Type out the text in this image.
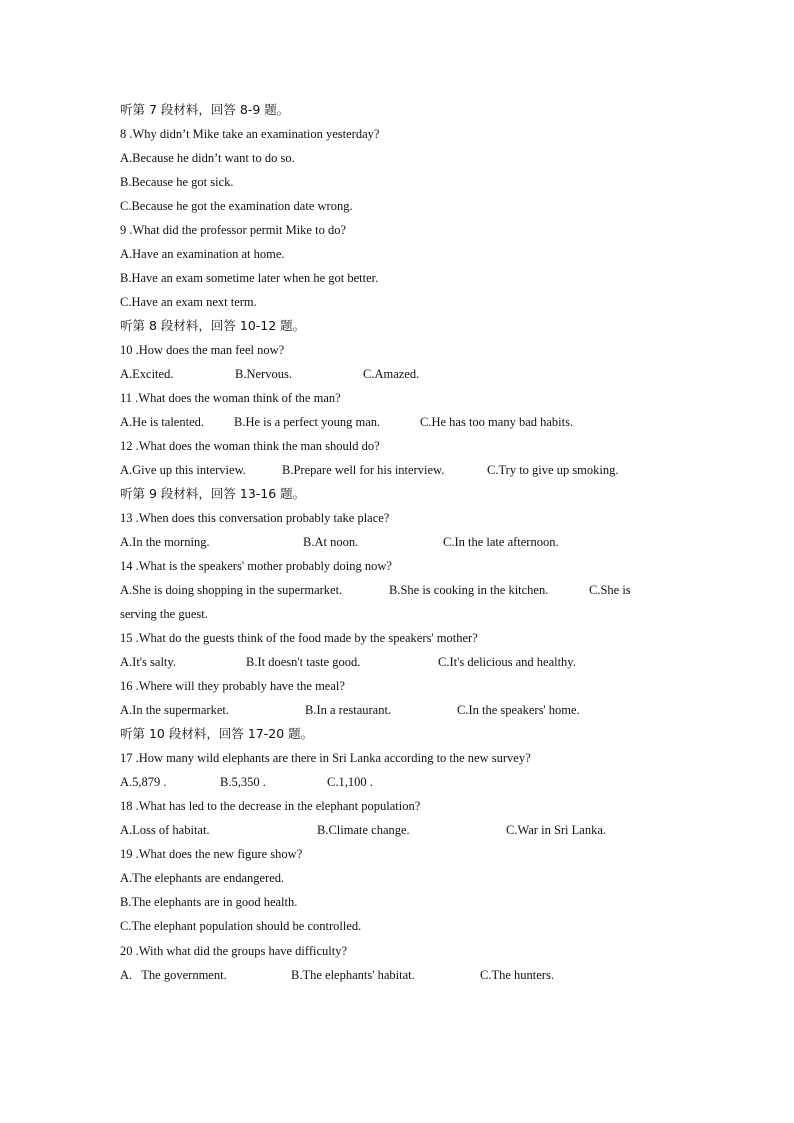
听第 7 段材料，回答 8-9 题。
8 .Why didn’t Mike take an examination yesterday?
A.Because he didn’t want to do so.
B.Because he got sick.
C.Because he got the examination date wrong.
9 .What did the professor permit Mike to do?
A.Have an examination at home.
B.Have an exam sometime later when he got better.
C.Have an exam next term.
听第 8 段材料，回答 10-12 题。
10 .How does the man feel now?
A.Excited.	B.Nervous.	C.Amazed.
11 .What does the woman think of the man?
A.He is talented. B.He is a perfect young man.	C.He has too many bad habits.
12 .What does the woman think the man should do?
A.Give up this interview.	B.Prepare well for his interview.	C.Try to give up smoking.
听第 9 段材料，回答 13-16 题。
13 .When does this conversation probably take place?
A.In the morning.	B.At noon.	C.In the late afternoon.
14 .What is the speakers' mother probably doing now?
A.She is doing shopping in the supermarket.	B.She is cooking in the kitchen.	C.She is
serving the guest.
15 .What do the guests think of the food made by the speakers' mother?
A.It's salty.	B.It doesn't taste good.	C.It's delicious and healthy.
16 .Where will they probably have the meal?
A.In the supermarket.	B.In a restaurant.	C.In the speakers' home.
听第 10 段材料，回答 17-20 题。
17 .How many wild elephants are there in Sri Lanka according to the new survey?
A.5,879 .	B.5,350 .	C.1,100 .
18 .What has led to the decrease in the elephant population?
A.Loss of habitat.	B.Climate change.	C.War in Sri Lanka.
19 .What does the new figure show?
A.The elephants are endangered.
B.The elephants are in good health.
C.The elephant population should be controlled.
20 .With what did the groups have difficulty?
A.   The government.	B.The elephants' habitat.	C.The hunters.
